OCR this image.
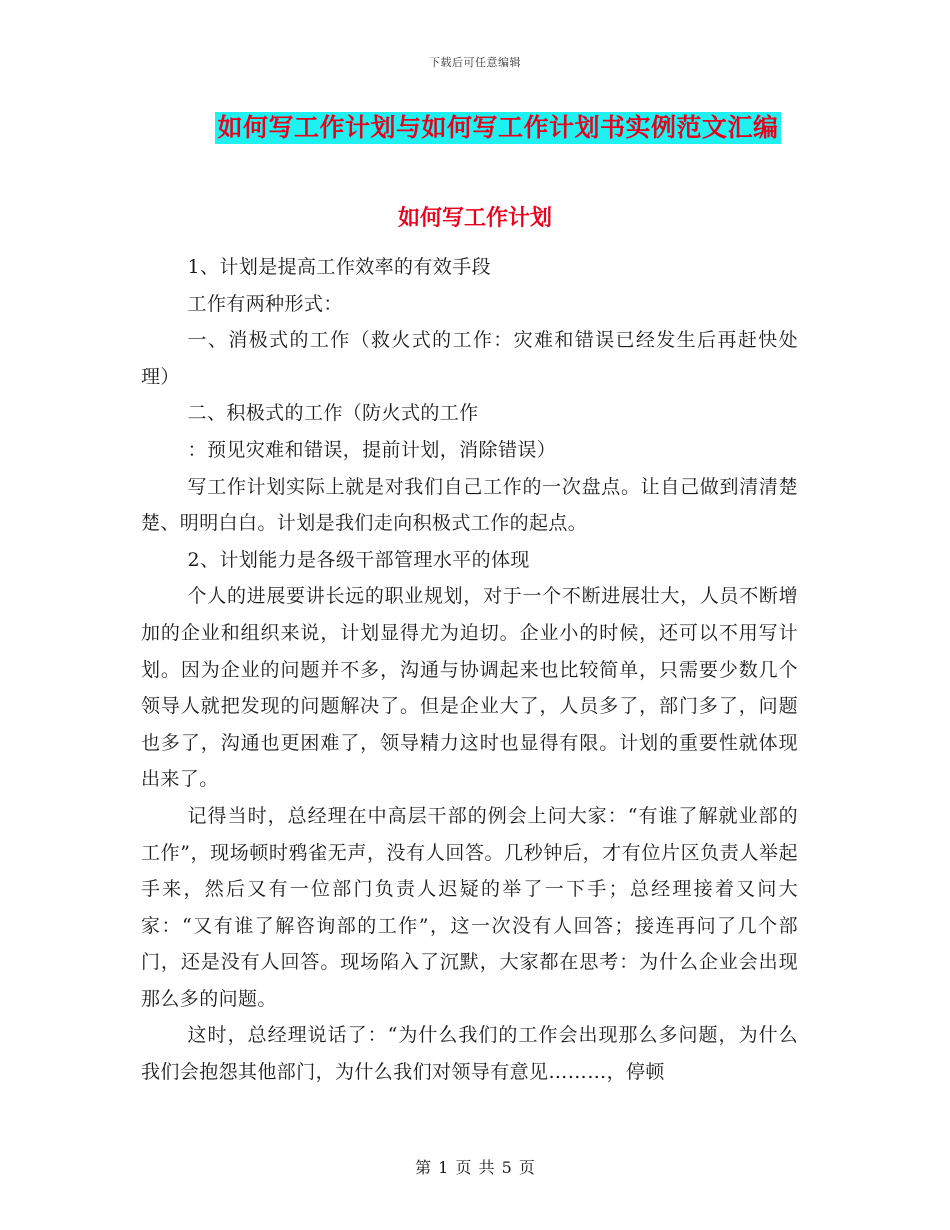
下载后可任意编辑
如何写工作计划与如何写工作计划书实例范文汇编
如何写工作计划

1、计划是提高工作效率的有效手段

工作有两种形式：

一、消极式的工作（救火式的工作：灾难和错误已经发生后再赶快处理）

二、积极式的工作（防火式的工作

：预见灾难和错误，提前计划，消除错误）

写工作计划实际上就是对我们自己工作的一次盘点。让自己做到清清楚楚、明明白白。计划是我们走向积极式工作的起点。

2、计划能力是各级干部管理水平的体现

个人的进展要讲长远的职业规划，对于一个不断进展壮大，人员不断增加的企业和组织来说，计划显得尤为迫切。企业小的时候，还可以不用写计划。因为企业的问题并不多，沟通与协调起来也比较简单，只需要少数几个领导人就把发现的问题解决了。但是企业大了，人员多了，部门多了，问题也多了，沟通也更困难了，领导精力这时也显得有限。计划的重要性就体现出来了。

记得当时，总经理在中高层干部的例会上问大家：“有谁了解就业部的工作”，现场顿时鸦雀无声，没有人回答。几秒钟后，才有位片区负责人举起手来，然后又有一位部门负责人迟疑的举了一下手；总经理接着又问大家：“又有谁了解咨询部的工作”，这一次没有人回答；接连再问了几个部门，还是没有人回答。现场陷入了沉默，大家都在思考：为什么企业会出现那么多的问题。

这时，总经理说话了：“为什么我们的工作会出现那么多问题，为什么我们会抱怨其他部门，为什么我们对领导有意见………，停顿

第 1 页 共 5 页
